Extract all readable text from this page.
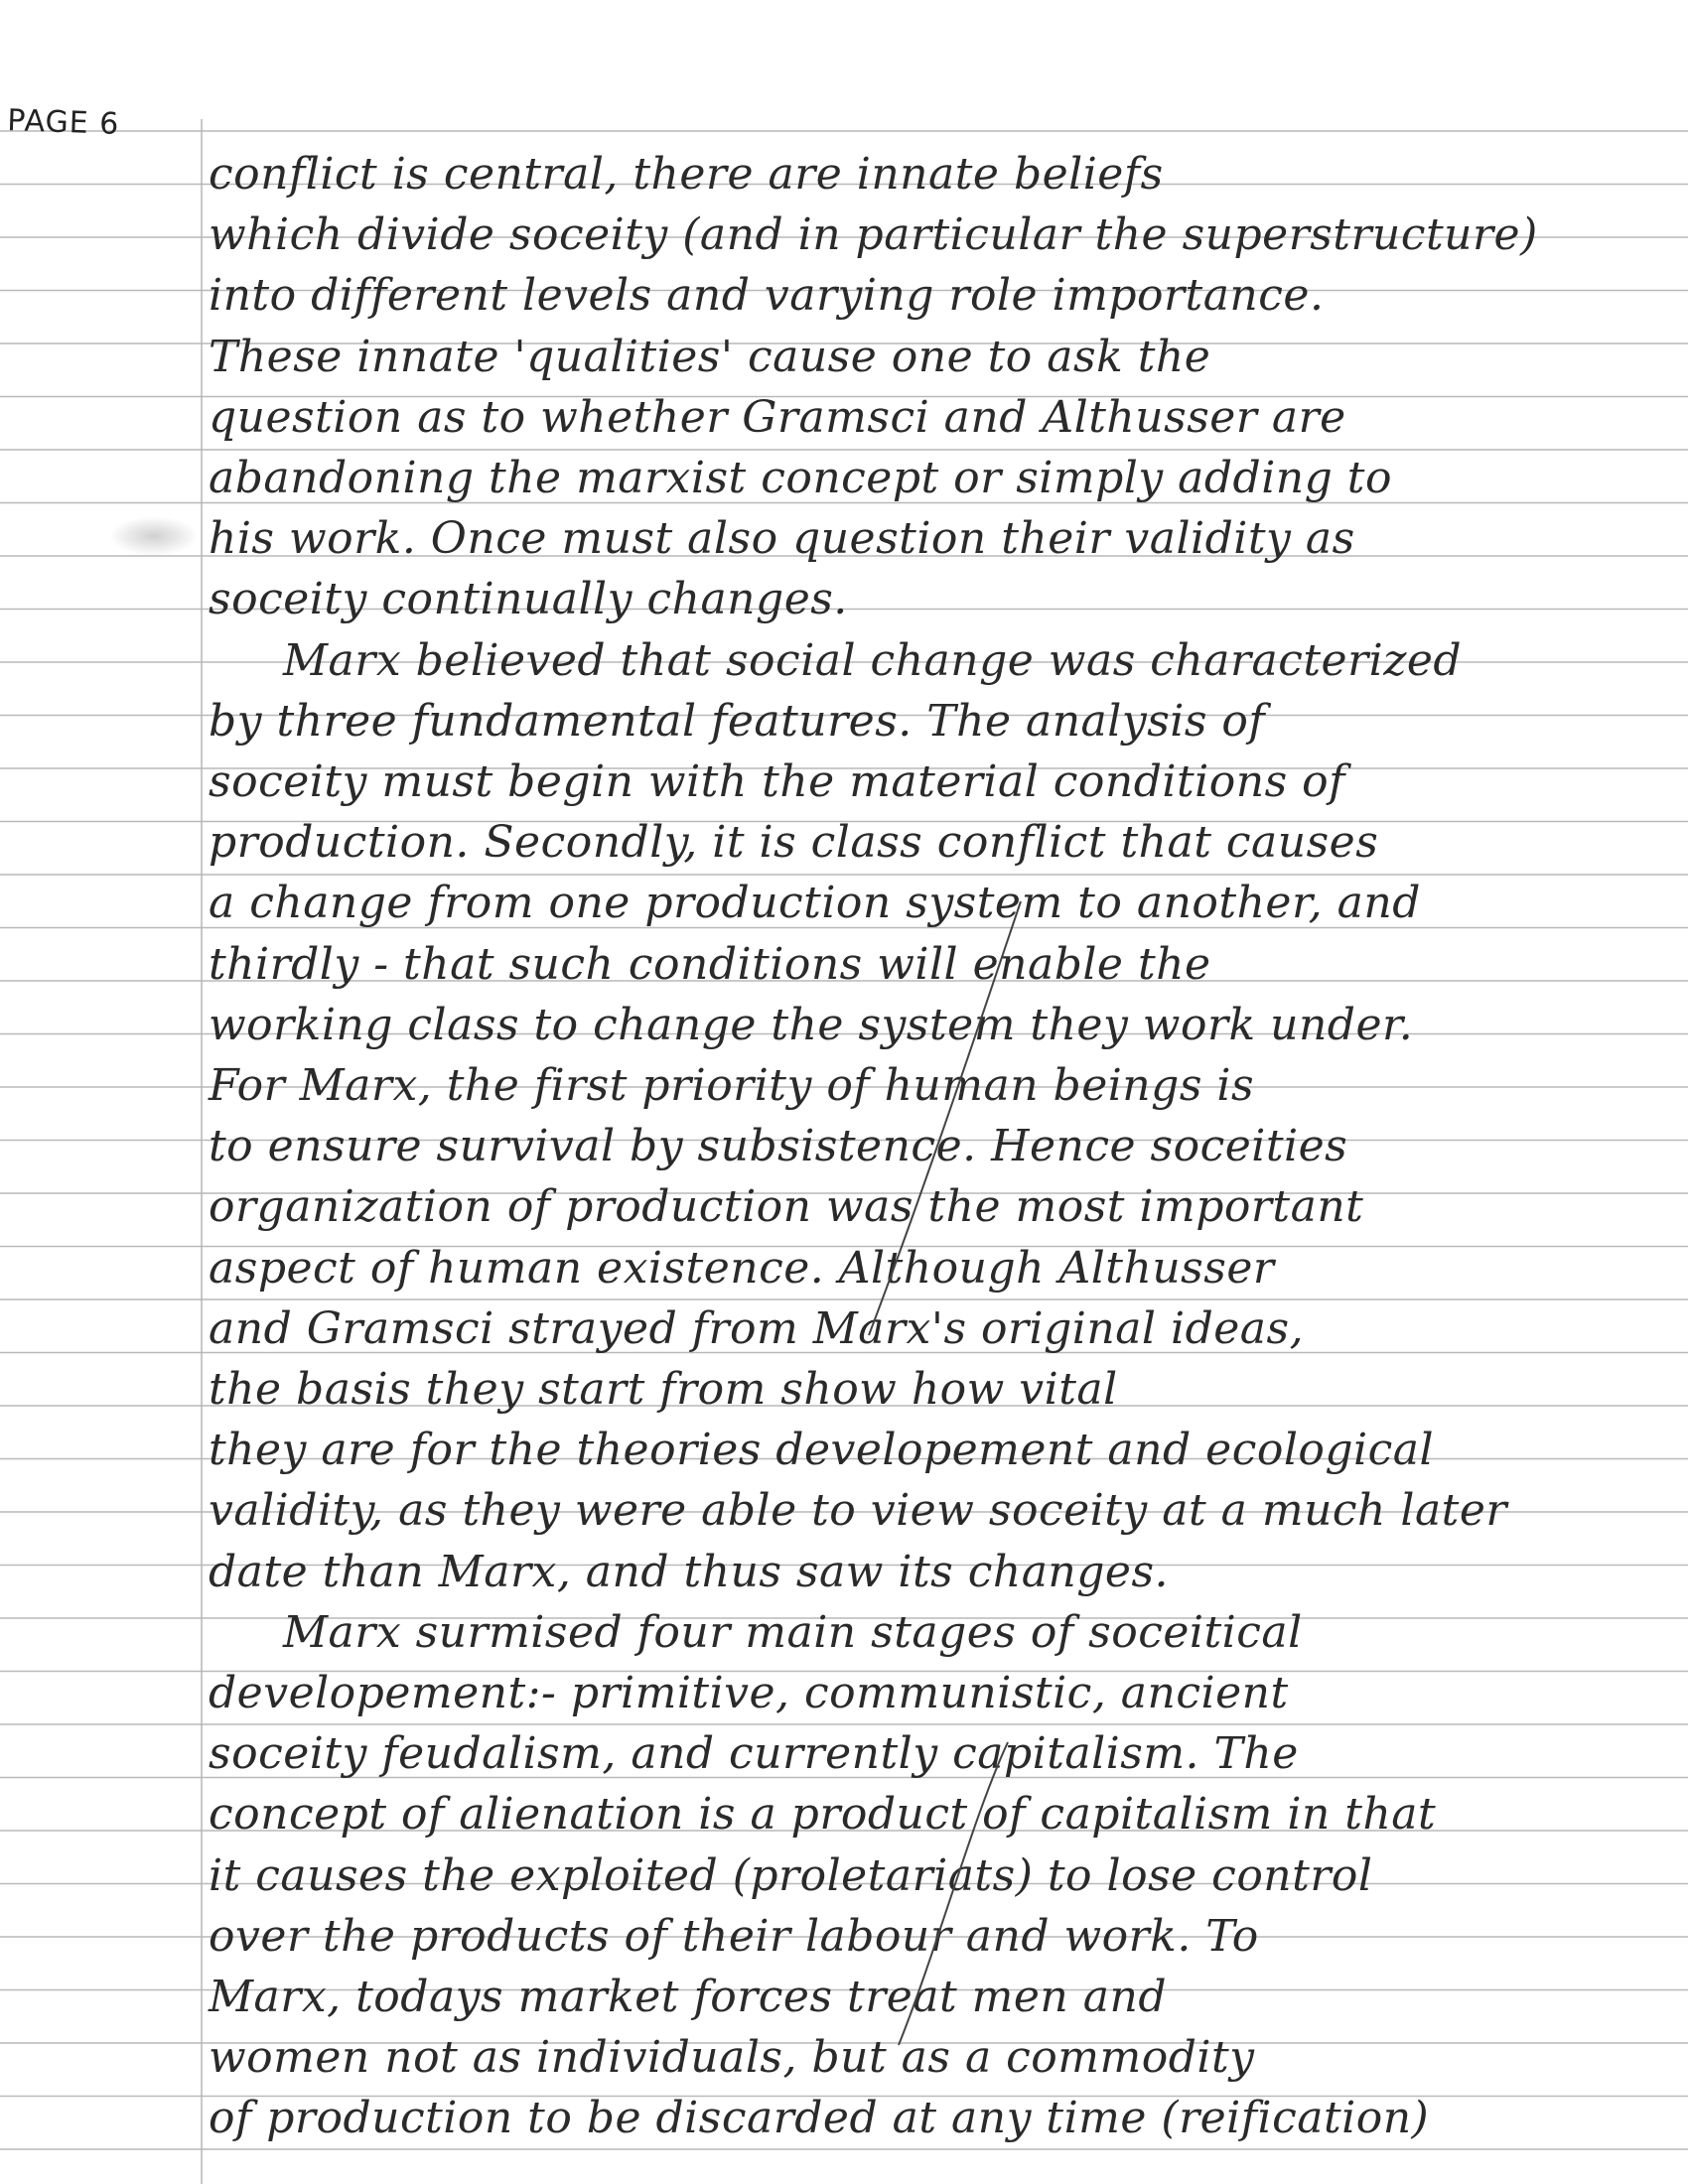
PAGE 6
conflict is central, there are innate beliefs
which divide soceity (and in particular the superstructure)
into different levels and varying role importance.
These innate 'qualities' cause one to ask the
question as to whether Gramsci and Althusser are
abandoning the marxist concept or simply adding to
his work. Once must also question their validity as
soceity continually changes.
Marx believed that social change was characterized
by three fundamental features. The analysis of
soceity must begin with the material conditions of
production. Secondly, it is class conflict that causes
a change from one production system to another, and
thirdly - that such conditions will enable the
working class to change the system they work under.
For Marx, the first priority of human beings is
to ensure survival by subsistence. Hence soceities
organization of production was the most important
aspect of human existence. Although Althusser
and Gramsci strayed from Marx's original ideas,
the basis they start from show how vital
they are for the theories developement and ecological
validity, as they were able to view soceity at a much later
date than Marx, and thus saw its changes.
Marx surmised four main stages of soceitical
developement:- primitive, communistic, ancient
soceity feudalism, and currently capitalism. The
concept of alienation is a product of capitalism in that
it causes the exploited (proletariats) to lose control
over the products of their labour and work. To
Marx, todays market forces treat men and
women not as individuals, but as a commodity
of production to be discarded at any time (reification)
